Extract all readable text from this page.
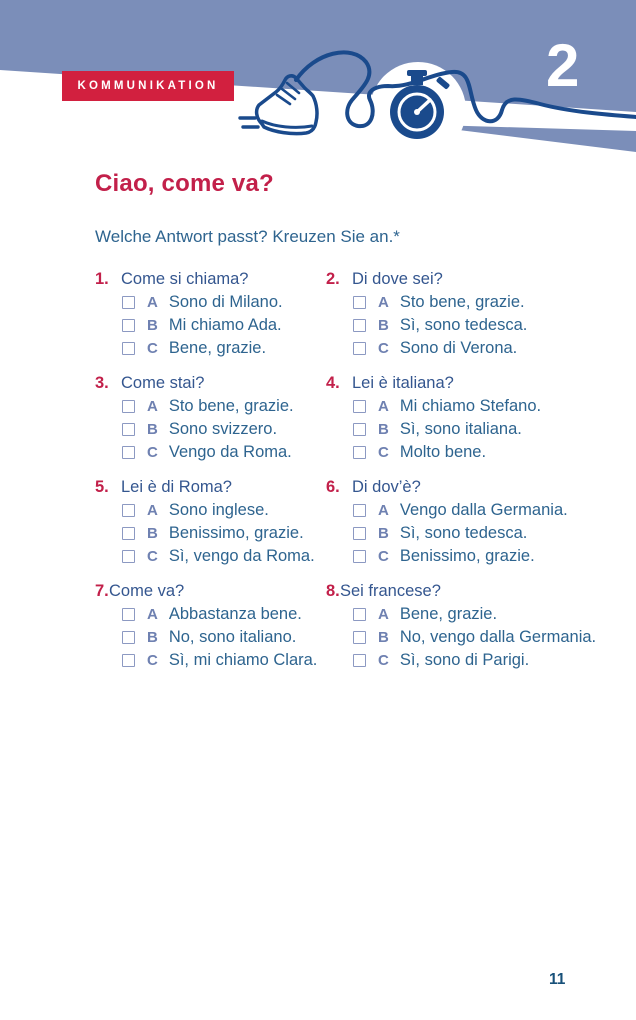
KOMMUNIKATION	2
Ciao, come va?

Welche Antwort passt? Kreuzen Sie an.*

1. Come si chiama?
A Sono di Milano.
B Mi chiamo Ada.
C Bene, grazie.
2. Di dove sei?
A Sto bene, grazie.
B Sì, sono tedesca.
C Sono di Verona.
3. Come stai?
A Sto bene, grazie.
B Sono svizzero.
C Vengo da Roma.
4. Lei è italiana?
A Mi chiamo Stefano.
B Sì, sono italiana.
C Molto bene.
5. Lei è di Roma?
A Sono inglese.
B Benissimo, grazie.
C Sì, vengo da Roma.
6. Di dov’è?
A Vengo dalla Germania.
B Sì, sono tedesca.
C Benissimo, grazie.
7. Come va?
A Abbastanza bene.
B No, sono italiano.
C Sì, mi chiamo Clara.
8. Sei francese?
A Bene, grazie.
B No, vengo dalla Germania.
C Sì, sono di Parigi.
11
